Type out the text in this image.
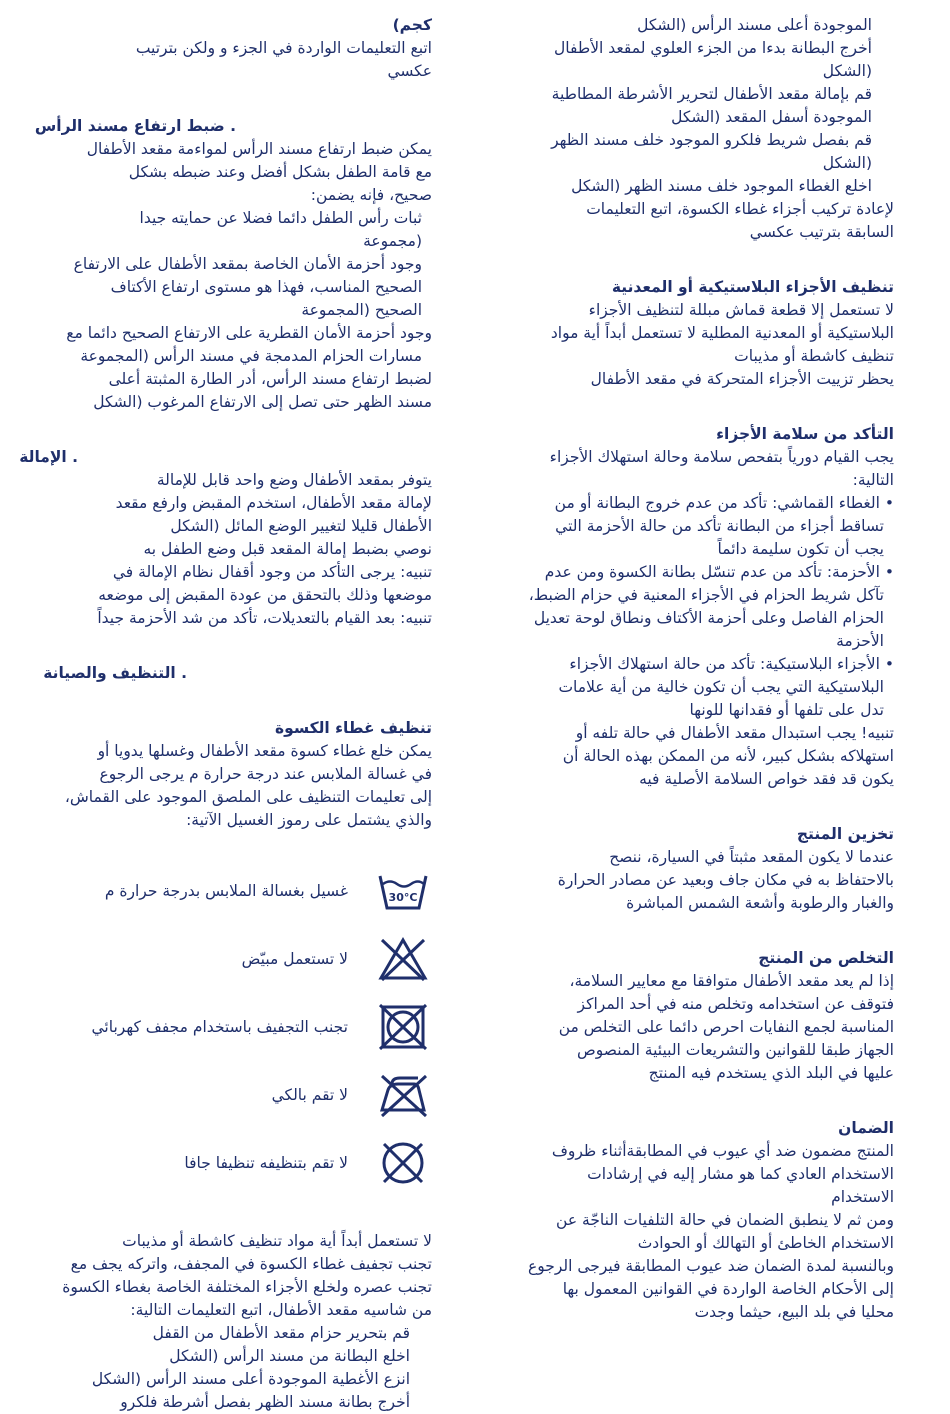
الموجودة أعلى مسند الرأس (الشكل

أخرج البطانة بدءا من الجزء العلوي لمقعد الأطفال

(الشكل

قم بإمالة مقعد الأطفال لتحرير الأشرطة المطاطية

الموجودة أسفل المقعد (الشكل

قم بفصل شريط فلكرو الموجود خلف مسند الظهر

(الشكل

اخلع الغطاء الموجود خلف مسند الظهر (الشكل

لإعادة تركيب أجزاء غطاء الكسوة، اتبع التعليمات

السابقة بترتيب عكسي

تنظيف الأجزاء البلاستيكية أو المعدنية

لا تستعمل إلا قطعة قماش مبللة لتنظيف الأجزاء

البلاستيكية أو المعدنية المطلية لا تستعمل أبداً أية مواد

تنظيف كاشطة أو مذيبات

يحظر تزييت الأجزاء المتحركة في مقعد الأطفال

التأكد من سلامة الأجزاء

يجب القيام دورياً بتفحص سلامة وحالة استهلاك الأجزاء

التالية:

• الغطاء القماشي: تأكد من عدم خروج البطانة أو من

تساقط أجزاء من البطانة تأكد من حالة الأحزمة التي

يجب أن تكون سليمة دائماً

• الأحزمة: تأكد من عدم تنسّل بطانة الكسوة ومن عدم

تآكل شريط الحزام في الأجزاء المعنية في حزام الضبط،

الحزام الفاصل وعلى أحزمة الأكتاف ونطاق لوحة تعديل

الأحزمة

• الأجزاء البلاستيكية: تأكد من حالة استهلاك الأجزاء

البلاستيكية التي يجب أن تكون خالية من أية علامات

تدل على تلفها أو فقدانها للونها

تنبيه! يجب استبدال مقعد الأطفال في حالة تلفه أو

استهلاكه بشكل كبير، لأنه من الممكن بهذه الحالة أن

يكون قد فقد خواص السلامة الأصلية فيه

تخزين المنتج

عندما لا يكون المقعد مثبتاً في السيارة، ننصح

بالاحتفاظ به في مكان جاف وبعيد عن مصادر الحرارة

والغبار والرطوبة وأشعة الشمس المباشرة

التخلص من المنتج

إذا لم يعد مقعد الأطفال متوافقا مع معايير السلامة،

فتوقف عن استخدامه وتخلص منه في أحد المراكز

المناسبة لجمع النفايات احرص دائما على التخلص من

الجهاز طبقا للقوانين والتشريعات البيئية المنصوص

عليها في البلد الذي يستخدم فيه المنتج

الضمان

المنتج مضمون ضد أي عيوب في المطابقةأثناء ظروف

الاستخدام العادي كما هو مشار إليه في إرشادات

الاستخدام

ومن ثم لا ينطبق الضمان في حالة التلفيات الناجّة عن

الاستخدام الخاطئ أو التهالك أو الحوادث

وبالنسبة لمدة الضمان ضد عيوب المطابقة فيرجى الرجوع

إلى الأحكام الخاصة الواردة في القوانين المعمول بها

محليا في بلد البيع، حيثما وجدت

كجم)

اتبع التعليمات الواردة في الجزء و ولكن بترتيب

عكسي

. ضبط ارتفاع مسند الرأس

يمكن ضبط ارتفاع مسند الرأس لمواءمة مقعد الأطفال

مع قامة الطفل بشكل أفضل وعند ضبطه بشكل

صحيح، فإنه يضمن:

ثبات رأس الطفل دائما فضلا عن حمايته جيدا

(مجموعة

وجود أحزمة الأمان الخاصة بمقعد الأطفال على الارتفاع

الصحيح المناسب، فهذا هو مستوى ارتفاع الأكتاف

الصحيح (المجموعة

وجود أحزمة الأمان القطرية على الارتفاع الصحيح دائما مع

مسارات الحزام المدمجة في مسند الرأس (المجموعة

لضبط ارتفاع مسند الرأس، أدر الطارة المثبتة أعلى

مسند الظهر حتى تصل إلى الارتفاع المرغوب (الشكل

. الإمالة

يتوفر بمقعد الأطفال وضع واحد قابل للإمالة

لإمالة مقعد الأطفال، استخدم المقبض وارفع مقعد

الأطفال قليلا لتغيير الوضع المائل (الشكل

نوصي بضبط إمالة المقعد قبل وضع الطفل به

تنبيه: يرجى التأكد من وجود أقفال نظام الإمالة في

موضعها وذلك بالتحقق من عودة المقبض إلى موضعه

تنبيه: بعد القيام بالتعديلات، تأكد من شد الأحزمة جيداً

. التنظيف والصيانة

تنظيف غطاء الكسوة

يمكن خلع غطاء كسوة مقعد الأطفال وغسلها يدويا أو

في غسالة الملابس عند درجة حرارة م يرجى الرجوع

إلى تعليمات التنظيف على الملصق الموجود على القماش،

والذي يشتمل على رموز الغسيل الآتية:

30°C

غسيل بغسالة الملابس بدرجة حرارة م

لا تستعمل مبيّض

تجنب التجفيف باستخدام مجفف كهربائي

لا تقم بالكي

لا تقم بتنظيفه تنظيفا جافا

لا تستعمل أبداً أية مواد تنظيف كاشطة أو مذيبات

تجنب تجفيف غطاء الكسوة في المجفف، واتركه يجف مع

تجنب عصره ولخلع الأجزاء المختلفة الخاصة بغطاء الكسوة

من شاسيه مقعد الأطفال، اتبع التعليمات التالية:

قم بتحرير حزام مقعد الأطفال من القفل

اخلع البطانة من مسند الرأس (الشكل

انزع الأغطية الموجودة أعلى مسند الرأس (الشكل

أخرج بطانة مسند الظهر بفصل أشرطة فلكرو
